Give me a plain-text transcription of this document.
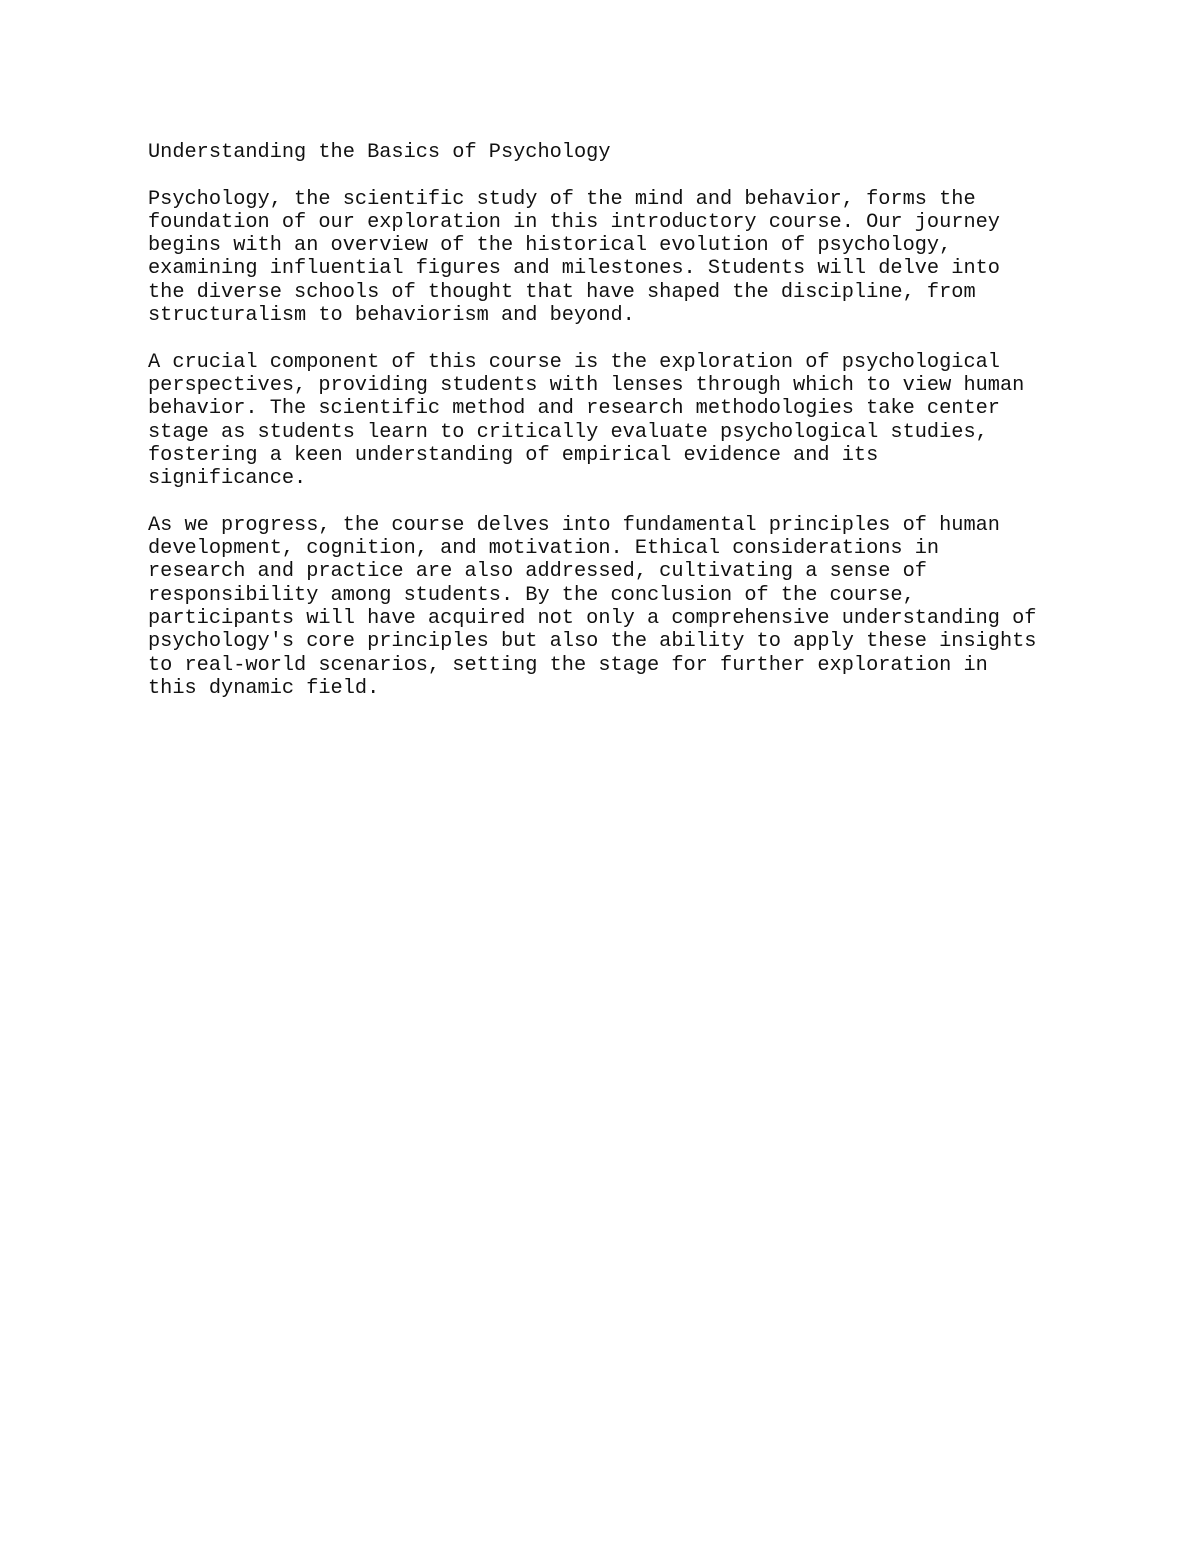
Understanding the Basics of Psychology
Psychology, the scientific study of the mind and behavior, forms the
foundation of our exploration in this introductory course. Our journey
begins with an overview of the historical evolution of psychology,
examining influential figures and milestones. Students will delve into
the diverse schools of thought that have shaped the discipline, from
structuralism to behaviorism and beyond.
A crucial component of this course is the exploration of psychological
perspectives, providing students with lenses through which to view human
behavior. The scientific method and research methodologies take center
stage as students learn to critically evaluate psychological studies,
fostering a keen understanding of empirical evidence and its
significance.
As we progress, the course delves into fundamental principles of human
development, cognition, and motivation. Ethical considerations in
research and practice are also addressed, cultivating a sense of
responsibility among students. By the conclusion of the course,
participants will have acquired not only a comprehensive understanding of
psychology's core principles but also the ability to apply these insights
to real-world scenarios, setting the stage for further exploration in
this dynamic field.
